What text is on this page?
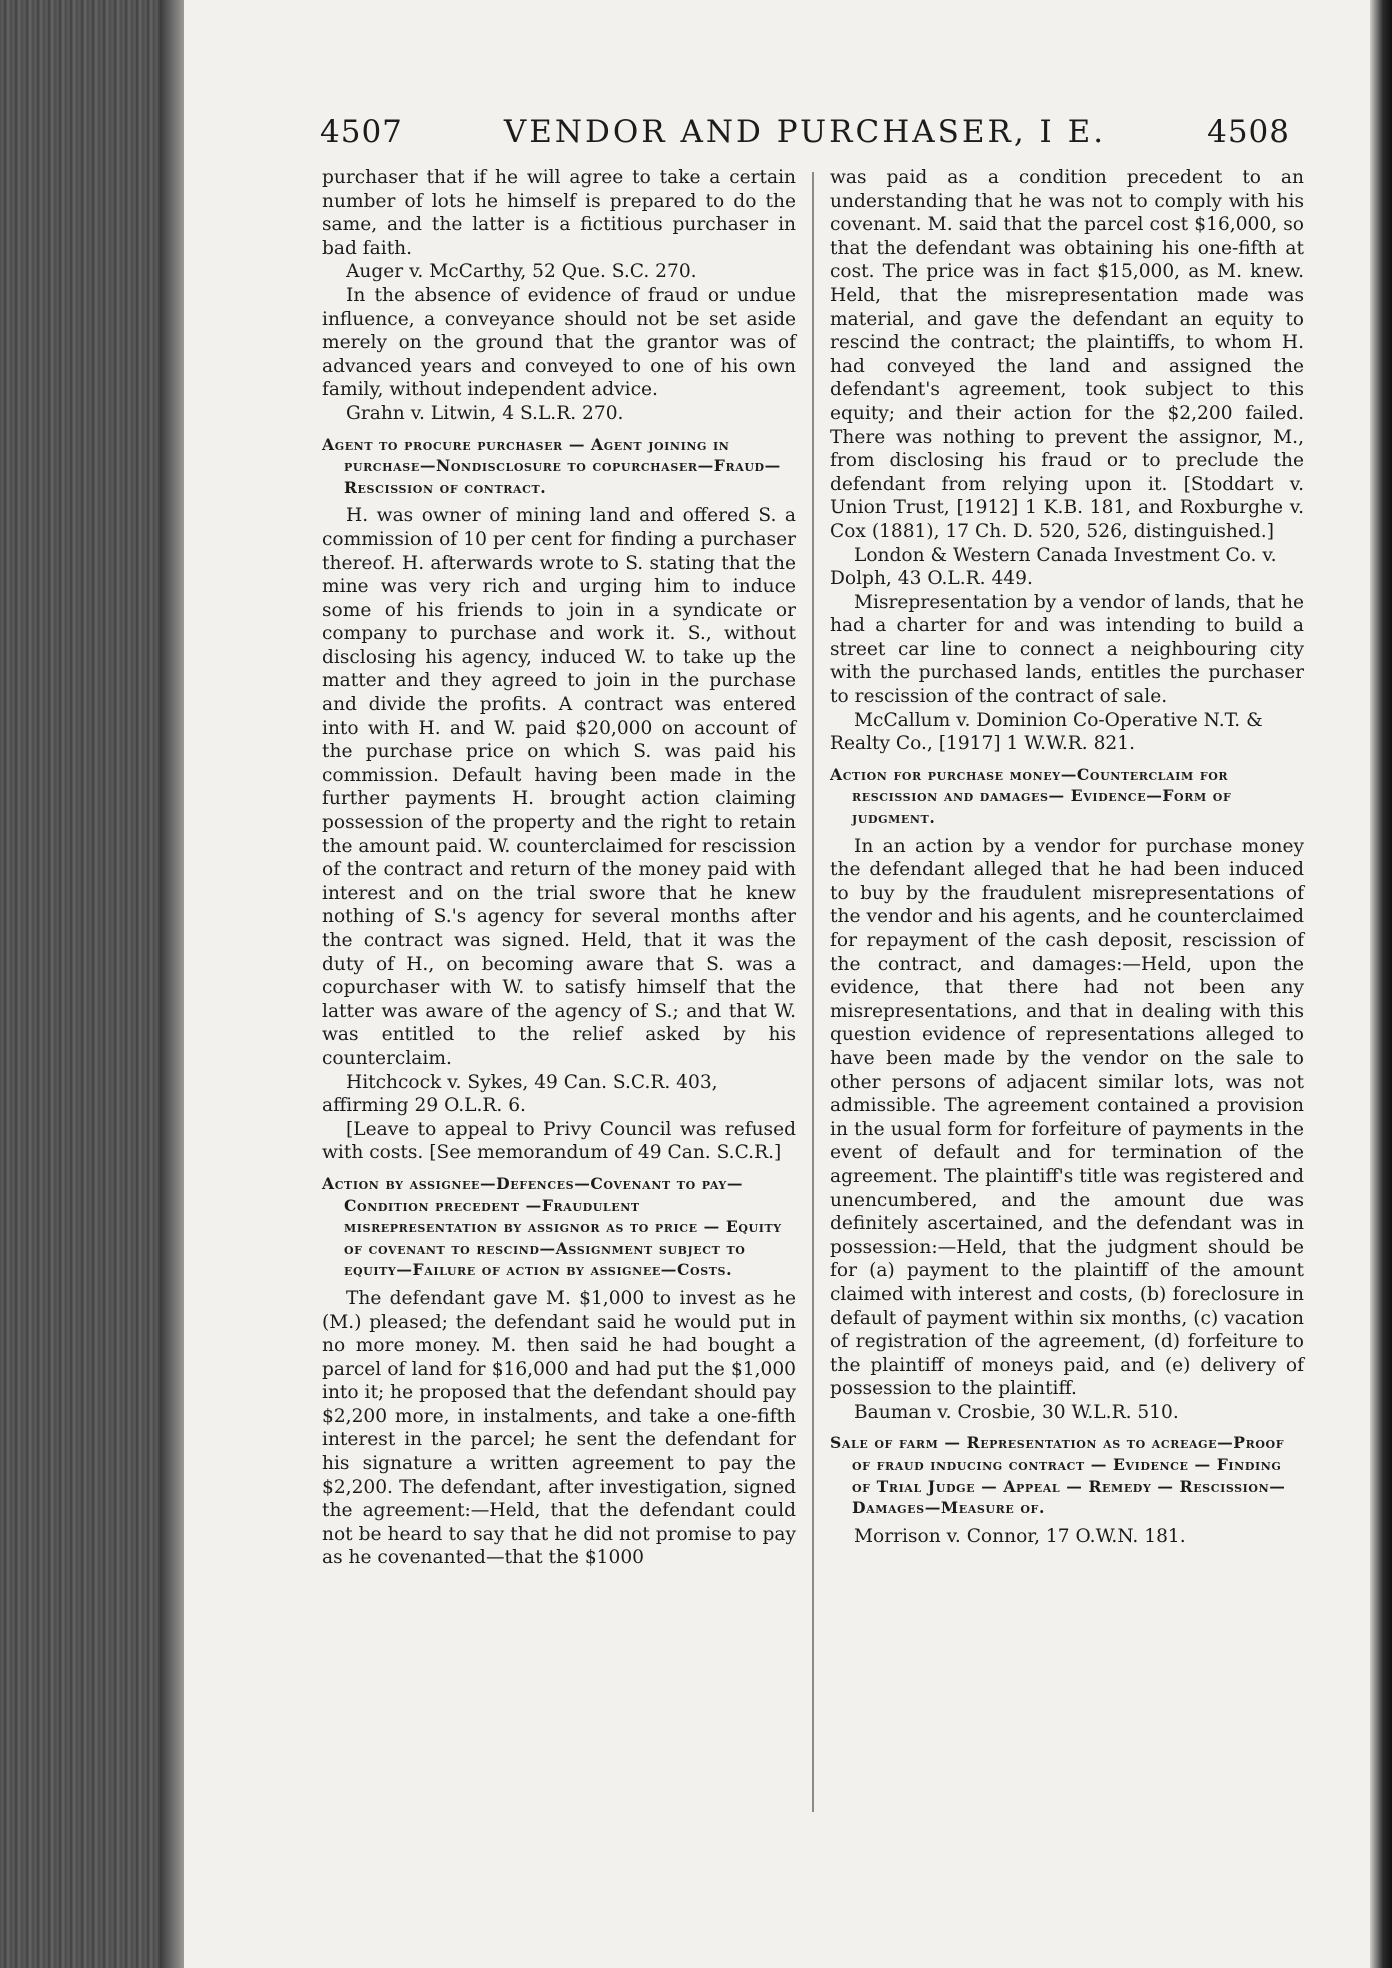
4507	VENDOR AND PURCHASER, I E.	4508

purchaser that if he will agree to take a certain number of lots he himself is prepared to do the same, and the latter is a fictitious purchaser in bad faith.

Auger v. McCarthy, 52 Que. S.C. 270.

In the absence of evidence of fraud or undue influence, a conveyance should not be set aside merely on the ground that the grantor was of advanced years and conveyed to one of his own family, without independent advice.

Grahn v. Litwin, 4 S.L.R. 270.

Agent to procure purchaser — Agent joining in purchase—Nondisclosure to copurchaser—Fraud—Rescission of contract.

H. was owner of mining land and offered S. a commission of 10 per cent for finding a purchaser thereof. H. afterwards wrote to S. stating that the mine was very rich and urging him to induce some of his friends to join in a syndicate or company to purchase and work it. S., without disclosing his agency, induced W. to take up the matter and they agreed to join in the purchase and divide the profits. A contract was entered into with H. and W. paid $20,000 on account of the purchase price on which S. was paid his commission. Default having been made in the further payments H. brought action claiming possession of the property and the right to retain the amount paid. W. counterclaimed for rescission of the contract and return of the money paid with interest and on the trial swore that he knew nothing of S.'s agency for several months after the contract was signed. Held, that it was the duty of H., on becoming aware that S. was a copurchaser with W. to satisfy himself that the latter was aware of the agency of S.; and that W. was entitled to the relief asked by his counterclaim.

Hitchcock v. Sykes, 49 Can. S.C.R. 403, affirming 29 O.L.R. 6.

[Leave to appeal to Privy Council was refused with costs. [See memorandum of 49 Can. S.C.R.]

Action by assignee—Defences—Covenant to pay—Condition precedent —Fraudulent misrepresentation by assignor as to price — Equity of covenant to rescind—Assignment subject to equity—Failure of action by assignee—Costs.

The defendant gave M. $1,000 to invest as he (M.) pleased; the defendant said he would put in no more money. M. then said he had bought a parcel of land for $16,000 and had put the $1,000 into it; he proposed that the defendant should pay $2,200 more, in instalments, and take a one-fifth interest in the parcel; he sent the defendant for his signature a written agreement to pay the $2,200. The defendant, after investigation, signed the agreement:—Held, that the defendant could not be heard to say that he did not promise to pay as he covenanted—that the $1000

was paid as a condition precedent to an understanding that he was not to comply with his covenant. M. said that the parcel cost $16,000, so that the defendant was obtaining his one-fifth at cost. The price was in fact $15,000, as M. knew. Held, that the misrepresentation made was material, and gave the defendant an equity to rescind the contract; the plaintiffs, to whom H. had conveyed the land and assigned the defendant's agreement, took subject to this equity; and their action for the $2,200 failed. There was nothing to prevent the assignor, M., from disclosing his fraud or to preclude the defendant from relying upon it. [Stoddart v. Union Trust, [1912] 1 K.B. 181, and Roxburghe v. Cox (1881), 17 Ch. D. 520, 526, distinguished.]

London & Western Canada Investment Co. v. Dolph, 43 O.L.R. 449.

Misrepresentation by a vendor of lands, that he had a charter for and was intending to build a street car line to connect a neighbouring city with the purchased lands, entitles the purchaser to rescission of the contract of sale.

McCallum v. Dominion Co-Operative N.T. & Realty Co., [1917] 1 W.W.R. 821.

Action for purchase money—Counterclaim for rescission and damages— Evidence—Form of judgment.

In an action by a vendor for purchase money the defendant alleged that he had been induced to buy by the fraudulent misrepresentations of the vendor and his agents, and he counterclaimed for repayment of the cash deposit, rescission of the contract, and damages:—Held, upon the evidence, that there had not been any misrepresentations, and that in dealing with this question evidence of representations alleged to have been made by the vendor on the sale to other persons of adjacent similar lots, was not admissible. The agreement contained a provision in the usual form for forfeiture of payments in the event of default and for termination of the agreement. The plaintiff's title was registered and unencumbered, and the amount due was definitely ascertained, and the defendant was in possession:—Held, that the judgment should be for (a) payment to the plaintiff of the amount claimed with interest and costs, (b) foreclosure in default of payment within six months, (c) vacation of registration of the agreement, (d) forfeiture to the plaintiff of moneys paid, and (e) delivery of possession to the plaintiff.

Bauman v. Crosbie, 30 W.L.R. 510.

Sale of farm — Representation as to acreage—Proof of fraud inducing contract — Evidence — Finding of Trial Judge — Appeal — Remedy — Rescission—Damages—Measure of.

Morrison v. Connor, 17 O.W.N. 181.
